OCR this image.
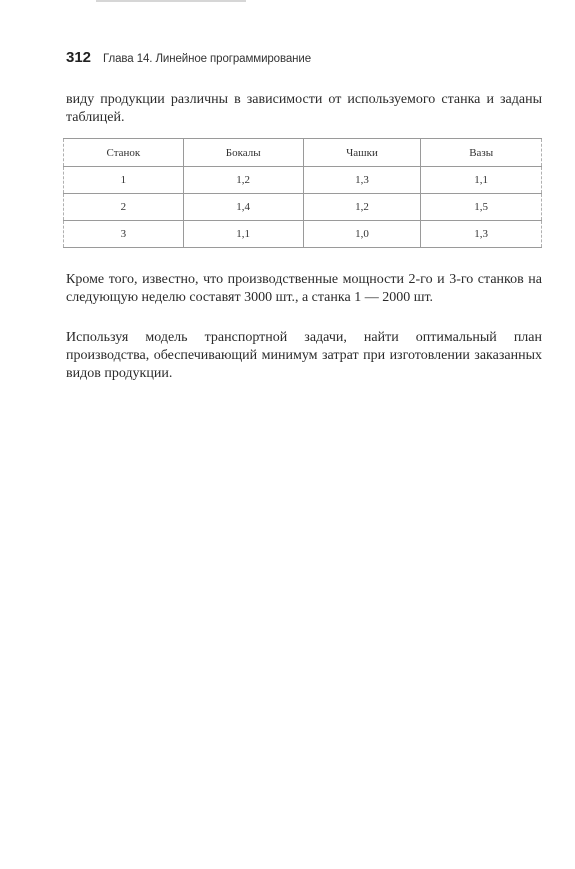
312 Глава 14. Линейное программирование

виду продукции различны в зависимости от используемого станка и заданы таблицей.

Станок	Бокалы	Чашки	Вазы
1	1,2	1,3	1,1
2	1,4	1,2	1,5
3	1,1	1,0	1,3

Кроме того, известно, что производственные мощности 2-го и 3-го станков на следующую неделю составят 3000 шт., а станка 1 — 2000 шт.

Используя модель транспортной задачи, найти оптимальный план производства, обеспечивающий минимум затрат при изготовлении заказанных видов продукции.
